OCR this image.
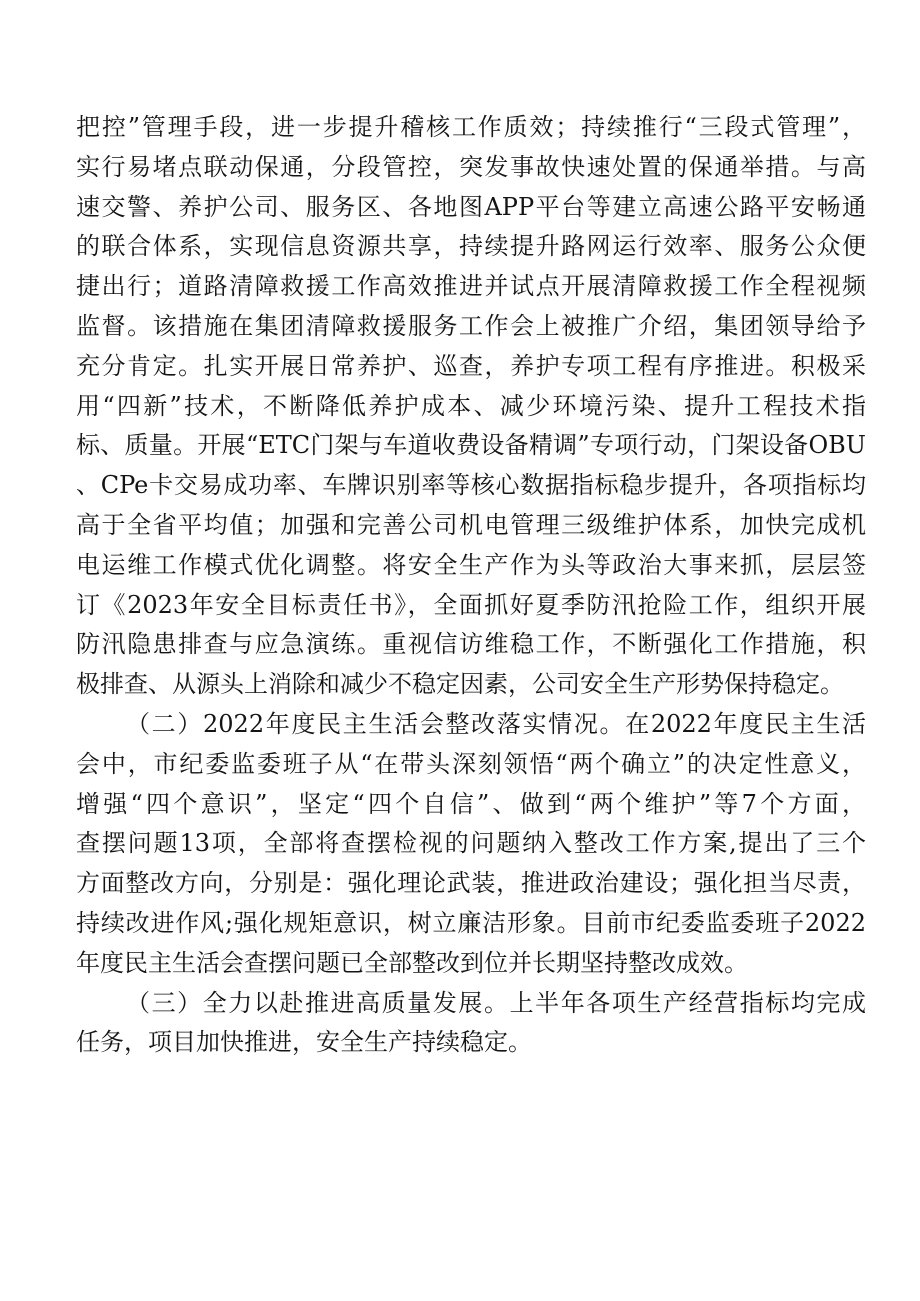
把控”管理手段，进一步提升稽核工作质效；持续推行“三段式管理”，
实行易堵点联动保通，分段管控，突发事故快速处置的保通举措。与高
速交警、养护公司、服务区、各地图APP平台等建立高速公路平安畅通
的联合体系，实现信息资源共享，持续提升路网运行效率、服务公众便
捷出行；道路清障救援工作高效推进并试点开展清障救援工作全程视频
监督。该措施在集团清障救援服务工作会上被推广介绍，集团领导给予
充分肯定。扎实开展日常养护、巡查，养护专项工程有序推进。积极采
用“四新”技术，不断降低养护成本、减少环境污染、提升工程技术指
标、质量。开展“ETC门架与车道收费设备精调”专项行动，门架设备OBU
、CPe卡交易成功率、车牌识别率等核心数据指标稳步提升，各项指标均
高于全省平均值；加强和完善公司机电管理三级维护体系，加快完成机
电运维工作模式优化调整。将安全生产作为头等政治大事来抓，层层签
订《2023年安全目标责任书》，全面抓好夏季防汛抢险工作，组织开展
防汛隐患排查与应急演练。重视信访维稳工作，不断强化工作措施，积
极排查、从源头上消除和减少不稳定因素，公司安全生产形势保持稳定。
（二）2022年度民主生活会整改落实情况。在2022年度民主生活
会中，市纪委监委班子从“在带头深刻领悟“两个确立”的决定性意义，
增强“四个意识”，坚定“四个自信”、做到“两个维护”等7个方面，
查摆问题13项，全部将查摆检视的问题纳入整改工作方案,提出了三个
方面整改方向，分别是：强化理论武装，推进政治建设；强化担当尽责，
持续改进作风;强化规矩意识，树立廉洁形象。目前市纪委监委班子2022
年度民主生活会查摆问题已全部整改到位并长期坚持整改成效。
（三）全力以赴推进高质量发展。上半年各项生产经营指标均完成
任务，项目加快推进，安全生产持续稳定。
